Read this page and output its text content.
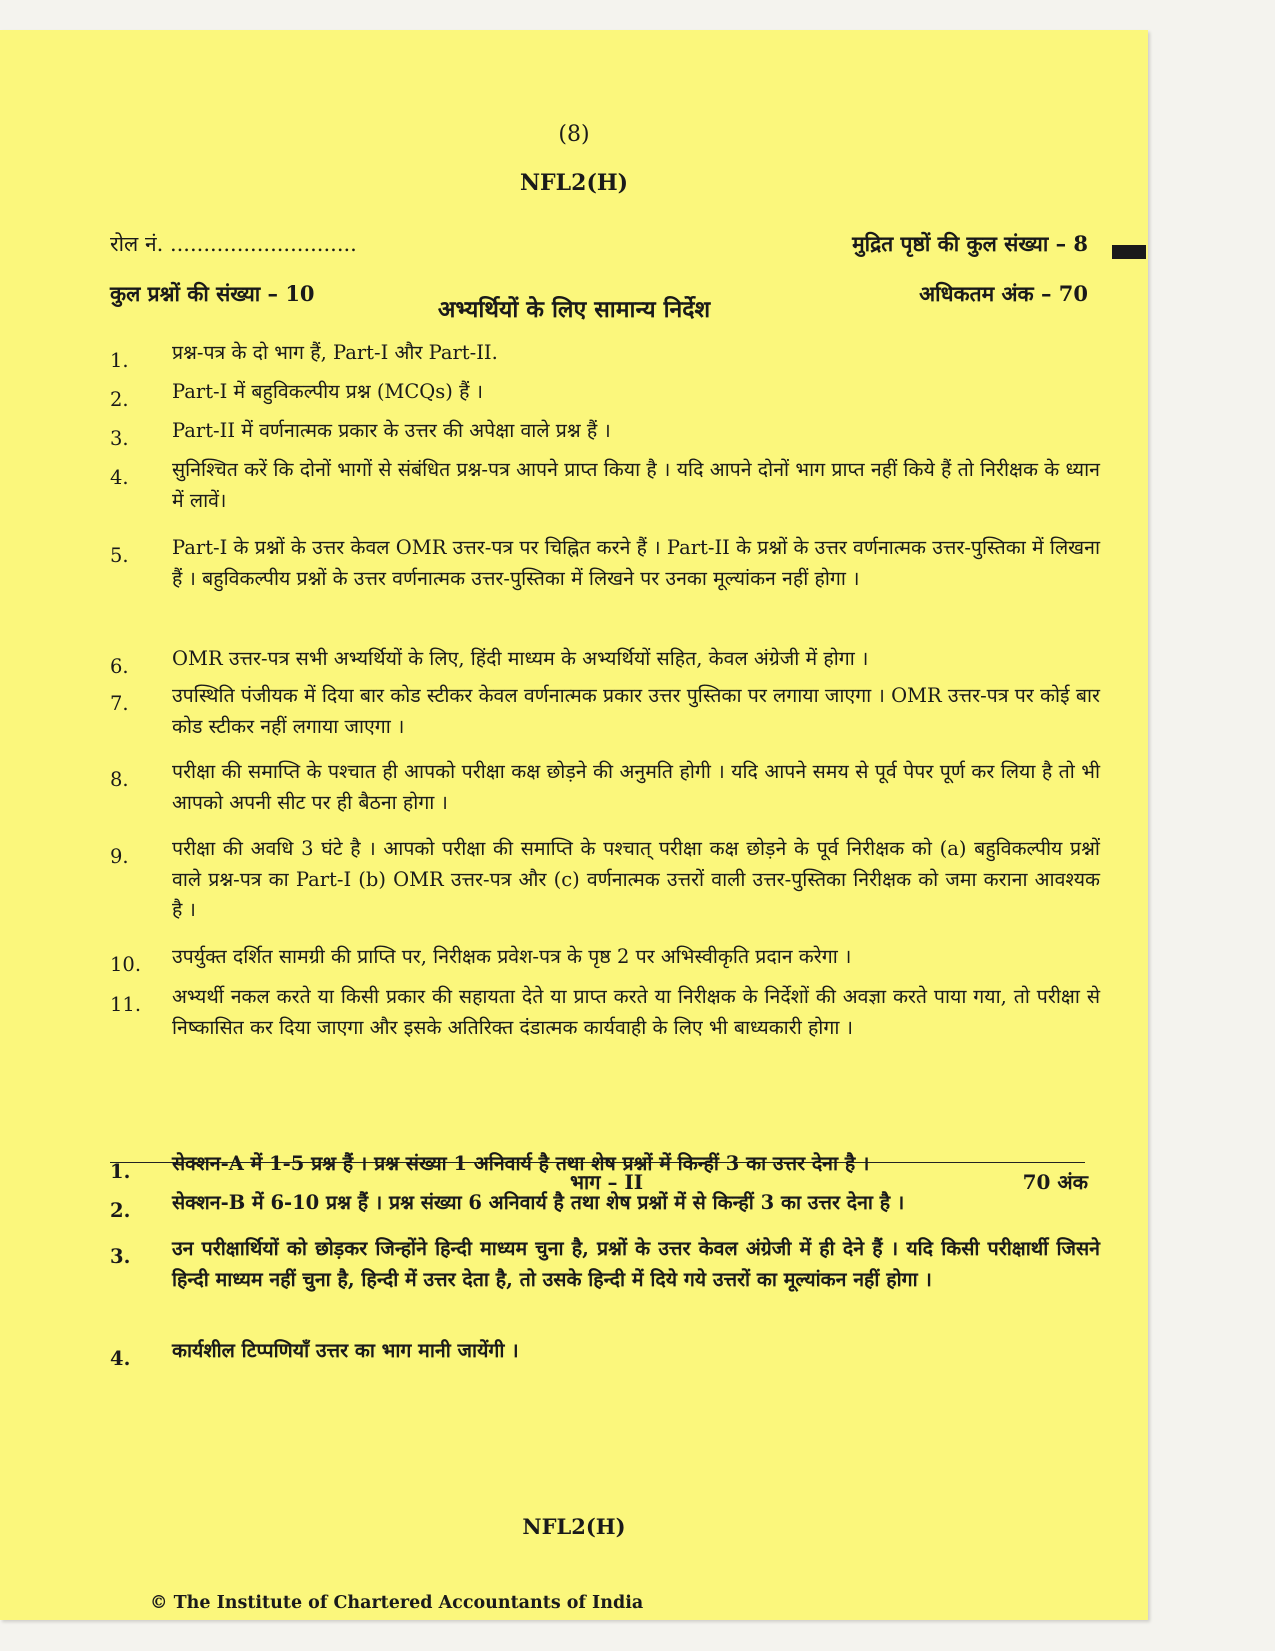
(8)
NFL2(H)
रोल नं. ............................	मुद्रित पृष्ठों की कुल संख्या – 8
कुल प्रश्नों की संख्या – 10	अधिकतम अंक – 70
अभ्यर्थियों के लिए सामान्य निर्देश
1.	प्रश्न-पत्र के दो भाग हैं, Part-I और Part-II.
2.	Part-I में बहुविकल्पीय प्रश्न (MCQs) हैं ।
3.	Part-II में वर्णनात्मक प्रकार के उत्तर की अपेक्षा वाले प्रश्न हैं ।
4.	सुनिश्चित करें कि दोनों भागों से संबंधित प्रश्न-पत्र आपने प्राप्त किया है । यदि आपने दोनों भाग प्राप्त नहीं किये हैं तो निरीक्षक के ध्यान में लावें।
5.	Part-I के प्रश्नों के उत्तर केवल OMR उत्तर-पत्र पर चिह्नित करने हैं । Part-II के प्रश्नों के उत्तर वर्णनात्मक उत्तर-पुस्तिका में लिखना हैं । बहुविकल्पीय प्रश्नों के उत्तर वर्णनात्मक उत्तर-पुस्तिका में लिखने पर उनका मूल्यांकन नहीं होगा ।
6.	OMR उत्तर-पत्र सभी अभ्यर्थियों के लिए, हिंदी माध्यम के अभ्यर्थियों सहित, केवल अंग्रेजी में होगा ।
7.	उपस्थिति पंजीयक में दिया बार कोड स्टीकर केवल वर्णनात्मक प्रकार उत्तर पुस्तिका पर लगाया जाएगा । OMR उत्तर-पत्र पर कोई बार कोड स्टीकर नहीं लगाया जाएगा ।
8.	परीक्षा की समाप्ति के पश्चात ही आपको परीक्षा कक्ष छोड़ने की अनुमति होगी । यदि आपने समय से पूर्व पेपर पूर्ण कर लिया है तो भी आपको अपनी सीट पर ही बैठना होगा ।
9.	परीक्षा की अवधि 3 घंटे है । आपको परीक्षा की समाप्ति के पश्चात् परीक्षा कक्ष छोड़ने के पूर्व निरीक्षक को (a) बहुविकल्पीय प्रश्नों वाले प्रश्न-पत्र का Part-I (b) OMR उत्तर-पत्र और (c) वर्णनात्मक उत्तरों वाली उत्तर-पुस्तिका निरीक्षक को जमा कराना आवश्यक है ।
10.	उपर्युक्त दर्शित सामग्री की प्राप्ति पर, निरीक्षक प्रवेश-पत्र के पृष्ठ 2 पर अभिस्वीकृति प्रदान करेगा ।
11.	अभ्यर्थी नकल करते या किसी प्रकार की सहायता देते या प्राप्त करते या निरीक्षक के निर्देशों की अवज्ञा करते पाया गया, तो परीक्षा से निष्कासित कर दिया जाएगा और इसके अतिरिक्त दंडात्मक कार्यवाही के लिए भी बाध्यकारी होगा ।
भाग – II	70 अंक
1.	सेक्शन-A में 1-5 प्रश्न हैं । प्रश्न संख्या 1 अनिवार्य है तथा शेष प्रश्नों में किन्हीं 3 का उत्तर देना है ।
2.	सेक्शन-B में 6-10 प्रश्न हैं । प्रश्न संख्या 6 अनिवार्य है तथा शेष प्रश्नों में से किन्हीं 3 का उत्तर देना है ।
3.	उन परीक्षार्थियों को छोड़कर जिन्होंने हिन्दी माध्यम चुना है, प्रश्नों के उत्तर केवल अंग्रेजी में ही देने हैं । यदि किसी परीक्षार्थी जिसने हिन्दी माध्यम नहीं चुना है, हिन्दी में उत्तर देता है, तो उसके हिन्दी में दिये गये उत्तरों का मूल्यांकन नहीं होगा ।
4.	कार्यशील टिप्पणियाँ उत्तर का भाग मानी जायेंगी ।
NFL2(H)
© The Institute of Chartered Accountants of India
